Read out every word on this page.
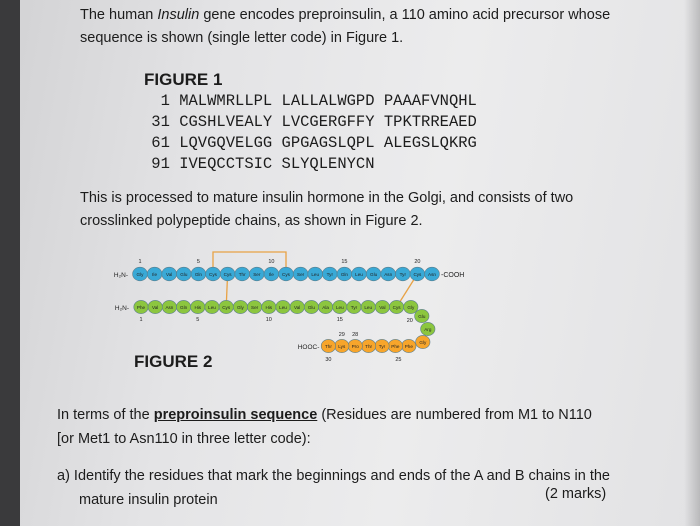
The human Insulin gene encodes preproinsulin, a 110 amino acid precursor whose
sequence is shown (single letter code) in Figure 1.
FIGURE 1
1 MALWMRLLPL LALLALWGPD PAAAFVNQHL
31 CGSHLVEALY LVCGERGFFY TPKTRREAED
61 LQVGQVELGG GPGAGSLQPL ALEGSLQKRG
91 IVEQCCTSIC SLYQLENYCN
This is processed to mature insulin hormone in the Golgi, and consists of two
crosslinked polypeptide chains, as shown in Figure 2.
H₂N- Gly Ile Val Glu Gln Cys Cys Thr Ser Ile Cys Ser Leu Tyr Gln Leu Glu Asn Tyr Cys Asn -COOH
1	5	10	15	20
H₂N- Phe Val Asn Gln His Leu Cys Gly Ser His Leu Val Glu Ala Leu Tyr Leu Val Cys Gly
Glu
Arg
Gly
Phe
Phe
Tyr
Thr
Pro
Lys
Thr
HOOC-
1	5	10	15	20
25
28
29
30
FIGURE 2
In terms of the preproinsulin sequence (Residues are numbered from M1 to N110
[or Met1 to Asn110 in three letter code):
a) Identify the residues that mark the beginnings and ends of the A and B chains in the
mature insulin protein	(2 marks)
